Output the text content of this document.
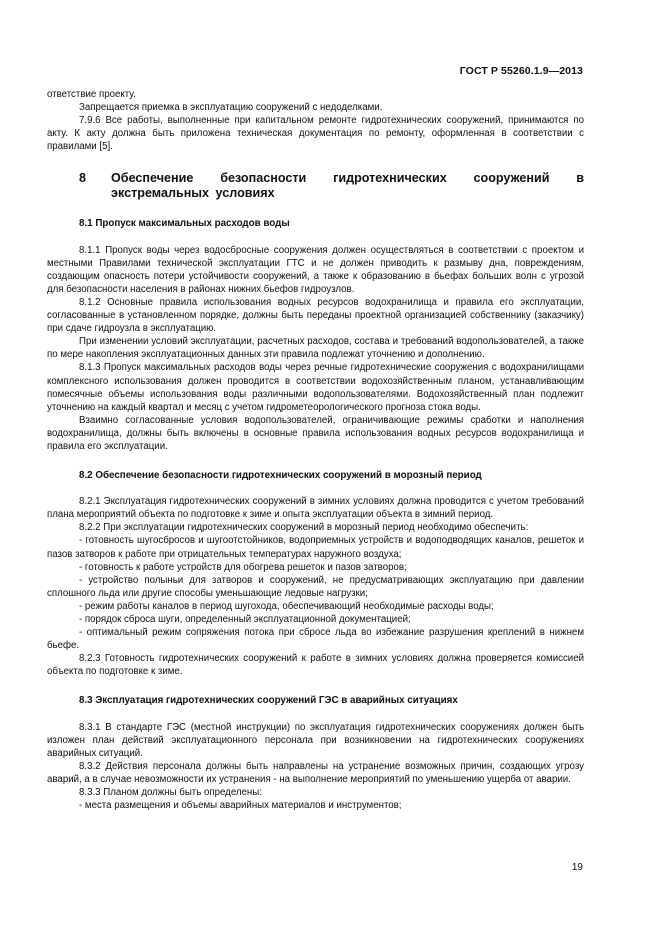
ГОСТ Р 55260.1.9—2013

ответствие проекту.

Запрещается приемка в эксплуатацию сооружений с недоделками.

7.9.6 Все работы, выполненные при капитальном ремонте гидротехнических сооружений, принимаются по акту. К акту должна быть приложена техническая документация по ремонту, оформленная в соответствии с правилами [5].

8	Обеспечение безопасности гидротехнических сооружений в экстремальных условиях
8.1 Пропуск максимальных расходов воды

8.1.1 Пропуск воды через водосбросные сооружения должен осуществляться в соответствии с проектом и местными Правилами технической эксплуатации ГТС и не должен приводить к размыву дна, повреждениям, создающим опасность потери устойчивости сооружений, а также к образованию в бьефах больших волн с угрозой для безопасности населения в районах нижних бьефов гидроузлов.

8.1.2 Основные правила использования водных ресурсов водохранилища и правила его эксплуатации, согласованные в установленном порядке, должны быть переданы проектной организацией собственнику (заказчику) при сдаче гидроузла в эксплуатацию.

При изменении условий эксплуатации, расчетных расходов, состава и требований водопользователей, а также по мере накопления эксплуатационных данных эти правила подлежат уточнению и дополнению.

8.1.3 Пропуск максимальных расходов воды через речные гидротехнические сооружения с водохранилищами комплексного использования должен проводится в соответствии водохозяйственным планом, устанавливающим помесячные объемы использования воды различными водопользователями. Водохозяйственный план подлежит уточнению на каждый квартал и месяц с учетом гидрометеорологического прогноза стока воды.

Взаимно согласованные условия водопользователей, ограничивающие режимы сработки и наполнения водохранилища, должны быть включены в основные правила использования водных ресурсов водохранилища и правила его эксплуатации.

8.2 Обеспечение безопасности гидротехнических сооружений в морозный период

8.2.1 Эксплуатация гидротехнических сооружений в зимних условиях должна проводится с учетом требований плана мероприятий объекта по подготовке к зиме и опыта эксплуатации объекта в зимний период.

8.2.2 При эксплуатации гидротехнических сооружений в морозный период необходимо обеспечить:

- готовность шугосбросов и шугоотстойников, водоприемных устройств и водоподводящих каналов, решеток и пазов затворов к работе при отрицательных температурах наружного воздуха;

- готовность к работе устройств для обогрева решеток и пазов затворов;

- устройство полыньи для затворов и сооружений, не предусматривающих эксплуатацию при давлении сплошного льда или другие способы уменьшающие ледовые нагрузки;

- режим работы каналов в период шугохода, обеспечивающий необходимые расходы воды;

- порядок сброса шуги, определенный эксплуатационной документацией;

- оптимальный режим сопряжения потока при сбросе льда во избежание разрушения креплений в нижнем бьефе.

8.2.3 Готовность гидротехнических сооружений к работе в зимних условиях должна проверяется комиссией объекта по подготовке к зиме.

8.3 Эксплуатация гидротехнических сооружений ГЭС в аварийных ситуациях

8.3.1 В стандарте ГЭС (местной инструкции) по эксплуатация гидротехнических сооружениях должен быть изложен план действий эксплуатационного персонала при возникновении на гидротехнических сооружениях аварийных ситуаций.

8.3.2 Действия персонала должны быть направлены на устранение возможных причин, создающих угрозу аварий, а в случае невозможности их устранения - на выполнение мероприятий по уменьшению ущерба от аварии.

8.3.3 Планом должны быть определены:

- места размещения и объемы аварийных материалов и инструментов;

19
